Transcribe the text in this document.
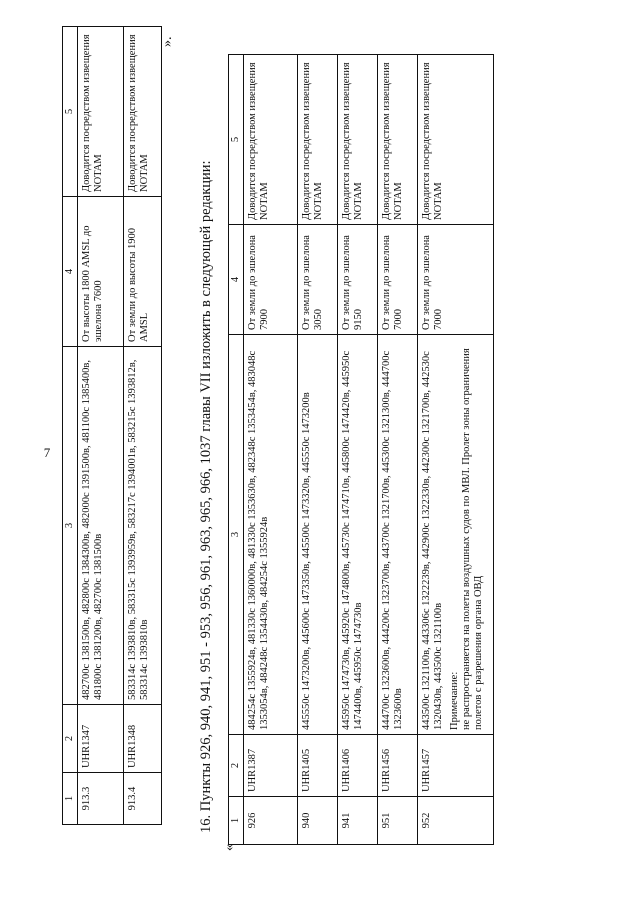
7
1	2	3	4	5
913.3	UHR1347	482700c 1381500в, 482800c 1384300в, 482000c 1391500в, 481100c 1385400в, 481800c 1381200в, 482700c 1381500в	От высоты 1800 AMSL до эшелона 7600	Доводится посредством извещения NOTAM
913.4	UHR1348	583314c 1393810в, 583315c 1393959в, 583217c 1394001в, 583215c 1393812в, 583314c 1393810в	От земли до высоты 1900 AMSL	Доводится посредством извещения NOTAM
».
16. Пункты 926, 940, 941, 951 - 953, 956, 961, 963, 965, 966, 1037 главы VII изложить в следующей редакции:
«
1	2	3	4	5
926	UHR1387	484254c 1355924в, 481330c 1360000в, 481330c 1353630в, 482348c 1353454в, 483048c 1353054в, 484248c 1354430в, 484254c 1355924в	От земли до эшелона 7900	Доводится посредством извещения NOTAM
940	UHR1405	445550c 1473200в, 445600c 1473350в, 445500c 1473320в, 445550c 1473200в	От земли до эшелона 3050	Доводится посредством извещения NOTAM
941	UHR1406	445950c 1474730в, 445920c 1474800в, 445730c 1474710в, 445800c 1474420в, 445950c 1474400в, 445950c 1474730в	От земли до эшелона 9150	Доводится посредством извещения NOTAM
951	UHR1456	444700c 1323600в, 444200c 1323700в, 443700c 1321700в, 445300c 1321300в, 444700c 1323600в	От земли до эшелона 7000	Доводится посредством извещения NOTAM
952	UHR1457	443500c 1321100в, 443306c 1322239в, 442900c 1322330в, 442300c 1321700в, 442530c 1320430в, 443500c 1321100в Примечание: не распространяется на полеты воздушных судов по МВЛ. Пролет зоны ограничения полетов с разрешения органа ОВД	От земли до эшелона 7000	Доводится посредством извещения NOTAM
